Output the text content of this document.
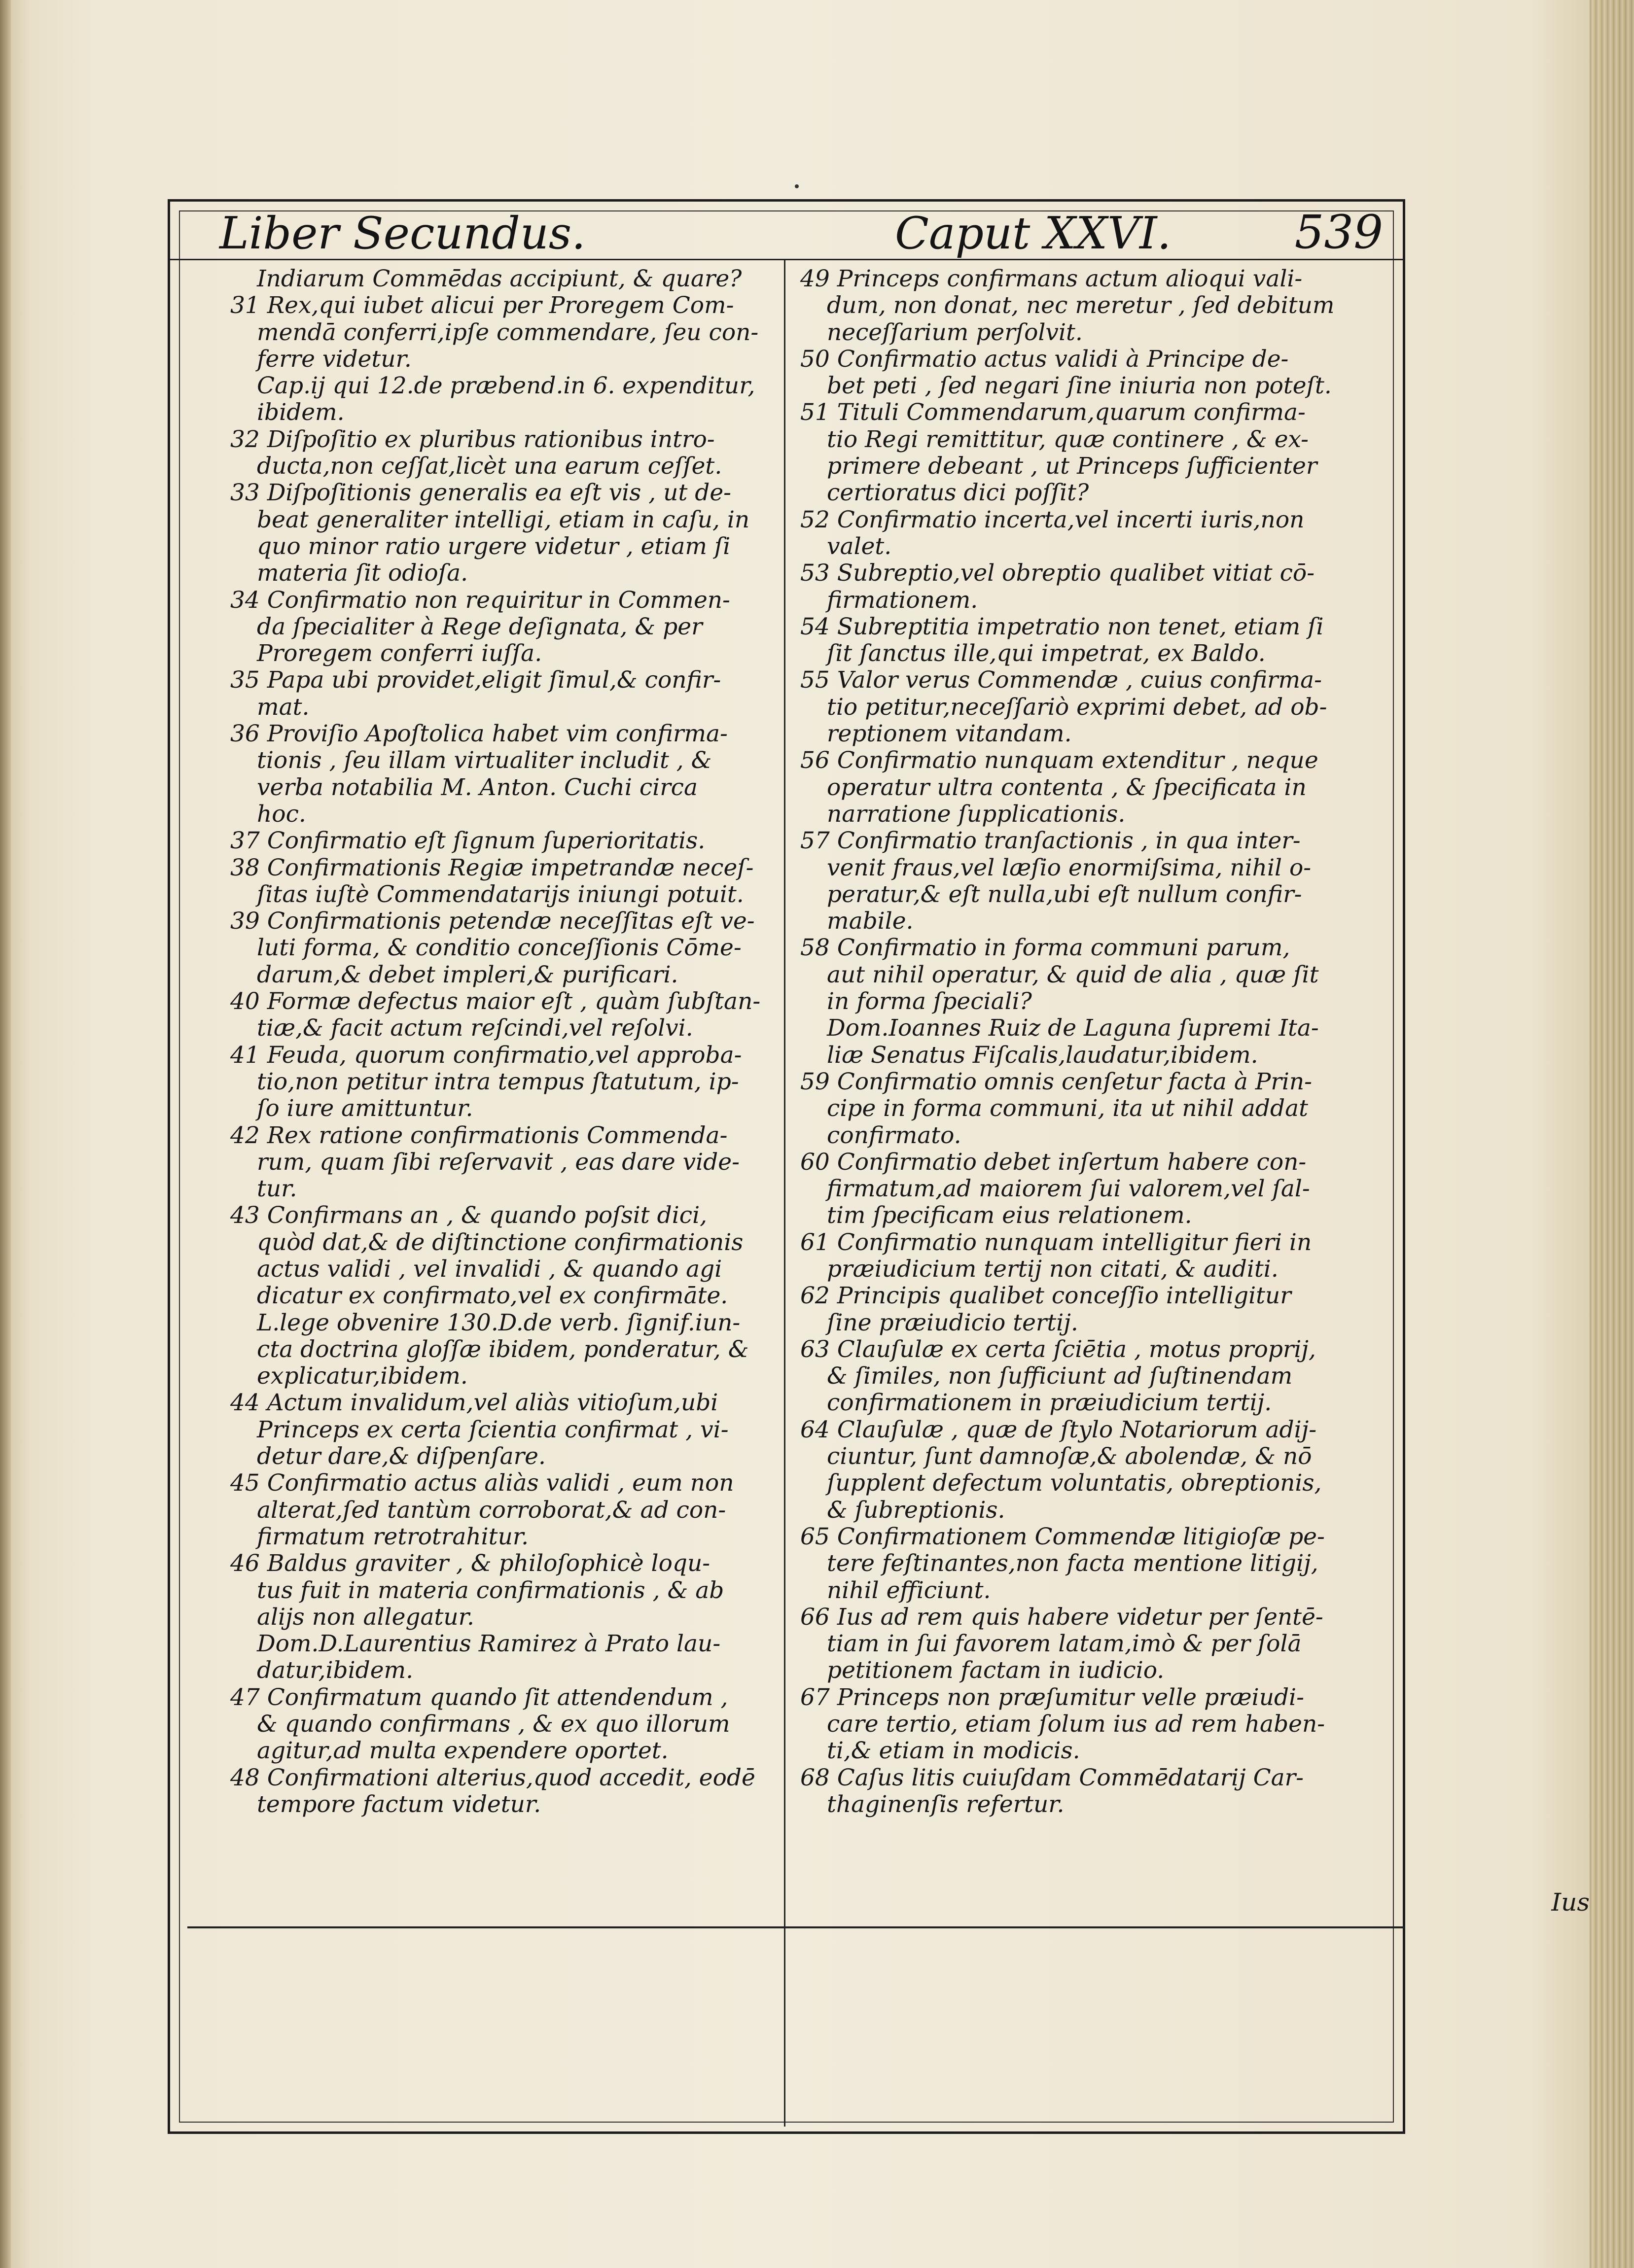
Liber Secundus.	Caput XXVI.	539
Indiarum Commēdas accipiunt, & quare?
31 Rex,qui iubet alicui per Proregem Com-
mendā conferri,ipſe commendare, ſeu con-
ferre videtur.
Cap.ij qui 12.de præbend.in 6. expenditur,
ibidem.
32 Diſpoſitio ex pluribus rationibus intro-
ducta,non ceſſat,licèt una earum ceſſet.
33 Diſpoſitionis generalis ea eſt vis , ut de-
beat generaliter intelligi, etiam in caſu, in
quo minor ratio urgere videtur , etiam ſi
materia ſit odioſa.
34 Confirmatio non requiritur in Commen-
da ſpecialiter à Rege deſignata, & per
Proregem conferri iuſſa.
35 Papa ubi providet,eligit ſimul,& confir-
mat.
36 Proviſio Apoſtolica habet vim confirma-
tionis , ſeu illam virtualiter includit , &
verba notabilia M. Anton. Cuchi circa
hoc.
37 Confirmatio eſt ſignum ſuperioritatis.
38 Confirmationis Regiæ impetrandæ neceſ-
ſitas iuſtè Commendatarijs iniungi potuit.
39 Confirmationis petendæ neceſſitas eſt ve-
luti forma, & conditio conceſſionis Cōme-
darum,& debet impleri,& purificari.
40 Formæ defectus maior eſt , quàm ſubſtan-
tiæ,& facit actum reſcindi,vel reſolvi.
41 Feuda, quorum confirmatio,vel approba-
tio,non petitur intra tempus ſtatutum, ip-
ſo iure amittuntur.
42 Rex ratione confirmationis Commenda-
rum, quam ſibi reſervavit , eas dare vide-
tur.
43 Confirmans an , & quando poſsit dici,
quòd dat,& de diſtinctione confirmationis
actus validi , vel invalidi , & quando agi
dicatur ex confirmato,vel ex confirmāte.
L.lege obvenire 130.D.de verb. ſignif.iun-
cta doctrina gloſſæ ibidem, ponderatur, &
explicatur,ibidem.
44 Actum invalidum,vel aliàs vitioſum,ubi
Princeps ex certa ſcientia confirmat , vi-
detur dare,& diſpenſare.
45 Confirmatio actus aliàs validi , eum non
alterat,ſed tantùm corroborat,& ad con-
firmatum retrotrahitur.
46 Baldus graviter , & philoſophicè loqu-
tus fuit in materia confirmationis , & ab
alijs non allegatur.
Dom.D.Laurentius Ramirez à Prato lau-
datur,ibidem.
47 Confirmatum quando ſit attendendum ,
& quando confirmans , & ex quo illorum
agitur,ad multa expendere oportet.
48 Confirmationi alterius,quod accedit, eodē
tempore factum videtur.
49 Princeps confirmans actum alioqui vali-
dum, non donat, nec meretur , ſed debitum
neceſſarium perſolvit.
50 Confirmatio actus validi à Principe de-
bet peti , ſed negari ſine iniuria non poteſt.
51 Tituli Commendarum,quarum confirma-
tio Regi remittitur, quæ continere , & ex-
primere debeant , ut Princeps ſufficienter
certioratus dici poſſit?
52 Confirmatio incerta,vel incerti iuris,non
valet.
53 Subreptio,vel obreptio qualibet vitiat cō-
firmationem.
54 Subreptitia impetratio non tenet, etiam ſi
ſit ſanctus ille,qui impetrat, ex Baldo.
55 Valor verus Commendæ , cuius confirma-
tio petitur,neceſſariò exprimi debet, ad ob-
reptionem vitandam.
56 Confirmatio nunquam extenditur , neque
operatur ultra contenta , & ſpecificata in
narratione ſupplicationis.
57 Confirmatio tranſactionis , in qua inter-
venit fraus,vel læſio enormiſsima, nihil o-
peratur,& eſt nulla,ubi eſt nullum confir-
mabile.
58 Confirmatio in forma communi parum,
aut nihil operatur, & quid de alia , quæ ſit
in forma ſpeciali?
Dom.Ioannes Ruiz de Laguna ſupremi Ita-
liæ Senatus Fiſcalis,laudatur,ibidem.
59 Confirmatio omnis cenſetur facta à Prin-
cipe in forma communi, ita ut nihil addat
confirmato.
60 Confirmatio debet inſertum habere con-
firmatum,ad maiorem ſui valorem,vel ſal-
tim ſpecificam eius relationem.
61 Confirmatio nunquam intelligitur fieri in
præiudicium tertij non citati, & auditi.
62 Principis qualibet conceſſio intelligitur
ſine præiudicio tertij.
63 Clauſulæ ex certa ſciētia , motus proprij,
& ſimiles, non ſufficiunt ad ſuſtinendam
confirmationem in præiudicium tertij.
64 Clauſulæ , quæ de ſtylo Notariorum adij-
ciuntur, ſunt damnoſæ,& abolendæ, & nō
ſupplent defectum voluntatis, obreptionis,
& ſubreptionis.
65 Confirmationem Commendæ litigioſæ pe-
tere feſtinantes,non facta mentione litigij,
nihil efficiunt.
66 Ius ad rem quis habere videtur per ſentē-
tiam in ſui favorem latam,imò & per ſolā
petitionem factam in iudicio.
67 Princeps non præſumitur velle præiudi-
care tertio, etiam ſolum ius ad rem haben-
ti,& etiam in modicis.
68 Caſus litis cuiuſdam Commēdatarij Car-
thaginenſis refertur.
Ius
